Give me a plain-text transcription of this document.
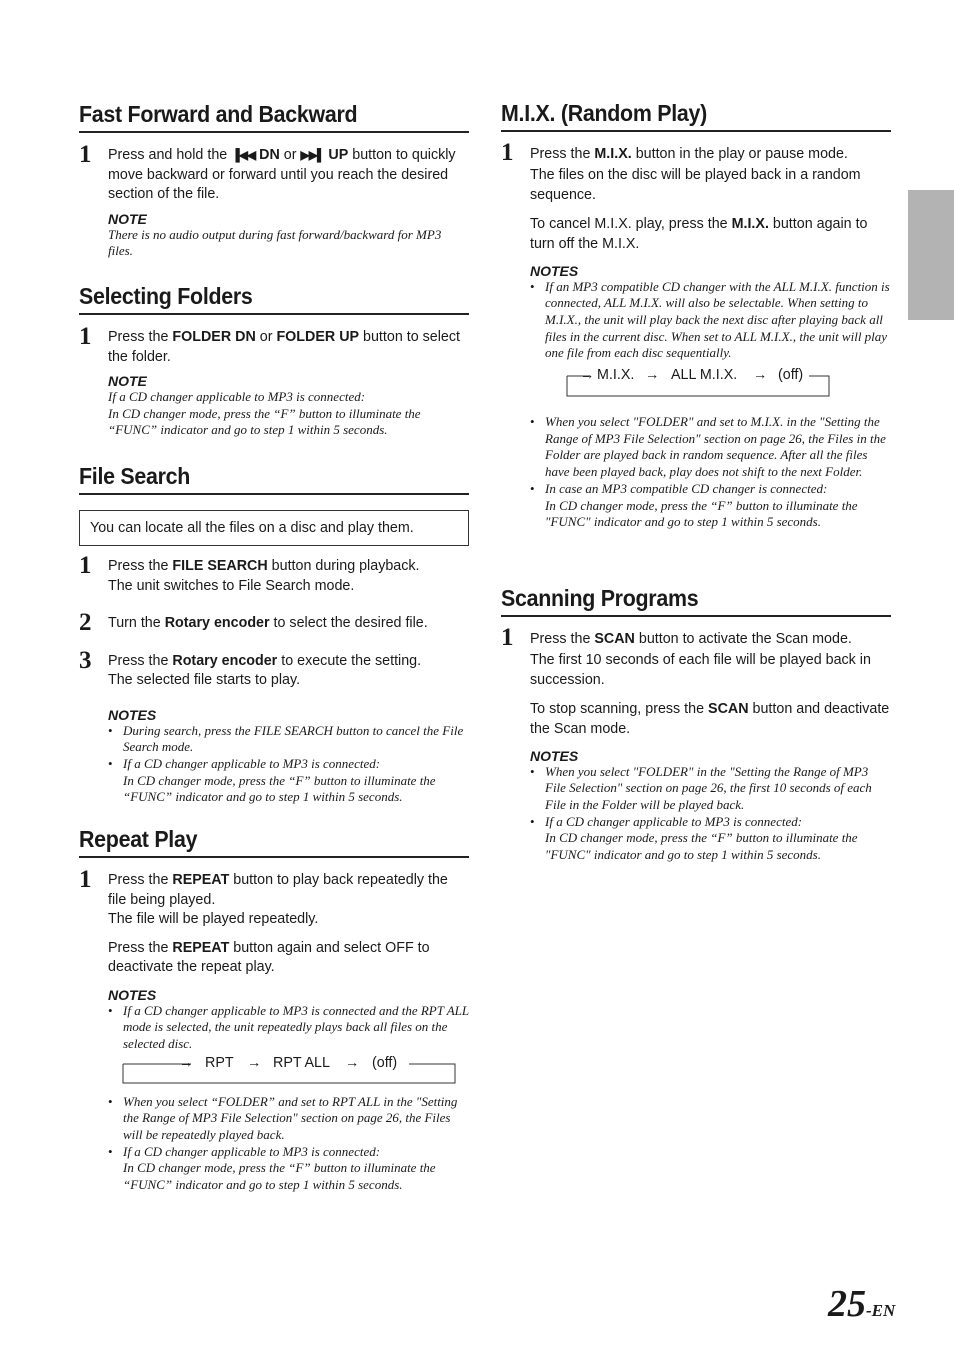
Fast Forward and Backward
1 Press and hold the ▐◀◀ DN or ▶▶▌ UP button to quickly move backward or forward until you reach the desired section of the file.
NOTE
There is no audio output during fast forward/backward for MP3 files.
Selecting Folders
1 Press the FOLDER DN or FOLDER UP button to select the folder.
NOTE
If a CD changer applicable to MP3 is connected:
In CD changer mode, press the “F” button to illuminate the “FUNC” indicator and go to step 1 within 5 seconds.
File Search
You can locate all the files on a disc and play them.
1 Press the FILE SEARCH button during playback.
The unit switches to File Search mode.
2 Turn the Rotary encoder to select the desired file.
3 Press the Rotary encoder to execute the setting.
The selected file starts to play.
NOTES
• During search, press the FILE SEARCH button to cancel the File Search mode.
• If a CD changer applicable to MP3 is connected:
In CD changer mode, press the “F” button to illuminate the “FUNC” indicator and go to step 1 within 5 seconds.
Repeat Play
1 Press the REPEAT button to play back repeatedly the file being played.
The file will be played repeatedly.
Press the REPEAT button again and select OFF to deactivate the repeat play.
NOTES
• If a CD changer applicable to MP3 is connected and the RPT ALL mode is selected, the unit repeatedly plays back all files on the selected disc.
→ RPT → RPT ALL → (off)
• When you select “FOLDER” and set to RPT ALL in the "Setting the Range of MP3 File Selection" section on page 26, the Files will be repeatedly played back.
• If a CD changer applicable to MP3 is connected:
In CD changer mode, press the “F” button to illuminate the “FUNC” indicator and go to step 1 within 5 seconds.
M.I.X. (Random Play)
1 Press the M.I.X. button in the play or pause mode.
The files on the disc will be played back in a random sequence.
To cancel M.I.X. play, press the M.I.X. button again to turn off the M.I.X.
NOTES
• If an MP3 compatible CD changer with the ALL M.I.X. function is connected, ALL M.I.X. will also be selectable. When setting to M.I.X., the unit will play back the next disc after playing back all files in the current disc. When set to ALL M.I.X., the unit will play one file from each disc sequentially.
→ M.I.X. → ALL M.I.X. → (off)
• When you select "FOLDER" and set to M.I.X. in the "Setting the Range of MP3 File Selection" section on page 26, the Files in the Folder are played back in random sequence. After all the files have been played back, play does not shift to the next Folder.
• In case an MP3 compatible CD changer is connected:
In CD changer mode, press the “F” button to illuminate the "FUNC" indicator and go to step 1 within 5 seconds.
Scanning Programs
1 Press the SCAN button to activate the Scan mode.
The first 10 seconds of each file will be played back in succession.
To stop scanning, press the SCAN button and deactivate the Scan mode.
NOTES
• When you select "FOLDER" in the "Setting the Range of MP3 File Selection" section on page 26, the first 10 seconds of each File in the Folder will be played back.
• If a CD changer applicable to MP3 is connected:
In CD changer mode, press the “F” button to illuminate the "FUNC" indicator and go to step 1 within 5 seconds.
25-EN
